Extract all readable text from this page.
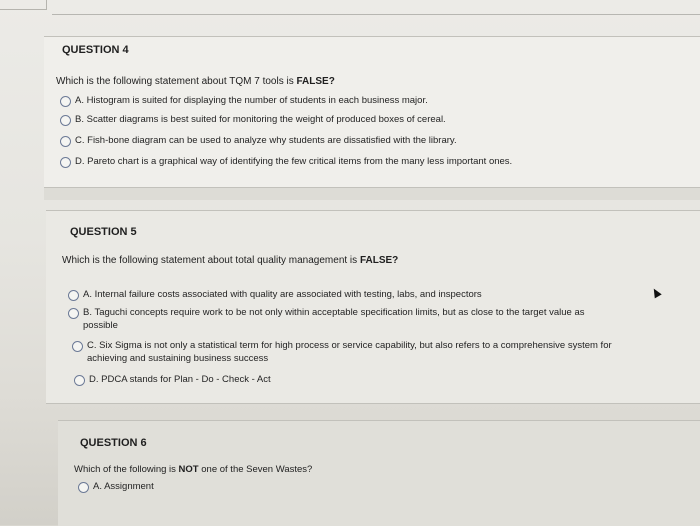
QUESTION 4
Which is the following statement about TQM 7 tools is FALSE?
A. Histogram is suited for displaying the number of students in each business major.
B. Scatter diagrams is best suited for monitoring the weight of produced boxes of cereal.
C. Fish-bone diagram can be used to analyze why students are dissatisfied with the library.
D. Pareto chart is a graphical way of identifying the few critical items from the many less important ones.
QUESTION 5
Which is the following statement about total quality management is FALSE?
A. Internal failure costs associated with quality are associated with testing, labs, and inspectors
B. Taguchi concepts require work to be not only within acceptable specification limits, but as close to the target value as
possible
C. Six Sigma is not only a statistical term for high process or service capability, but also refers to a comprehensive system for
achieving and sustaining business success
D. PDCA stands for Plan - Do - Check - Act
QUESTION 6
Which of the following is NOT one of the Seven Wastes?
A. Assignment
